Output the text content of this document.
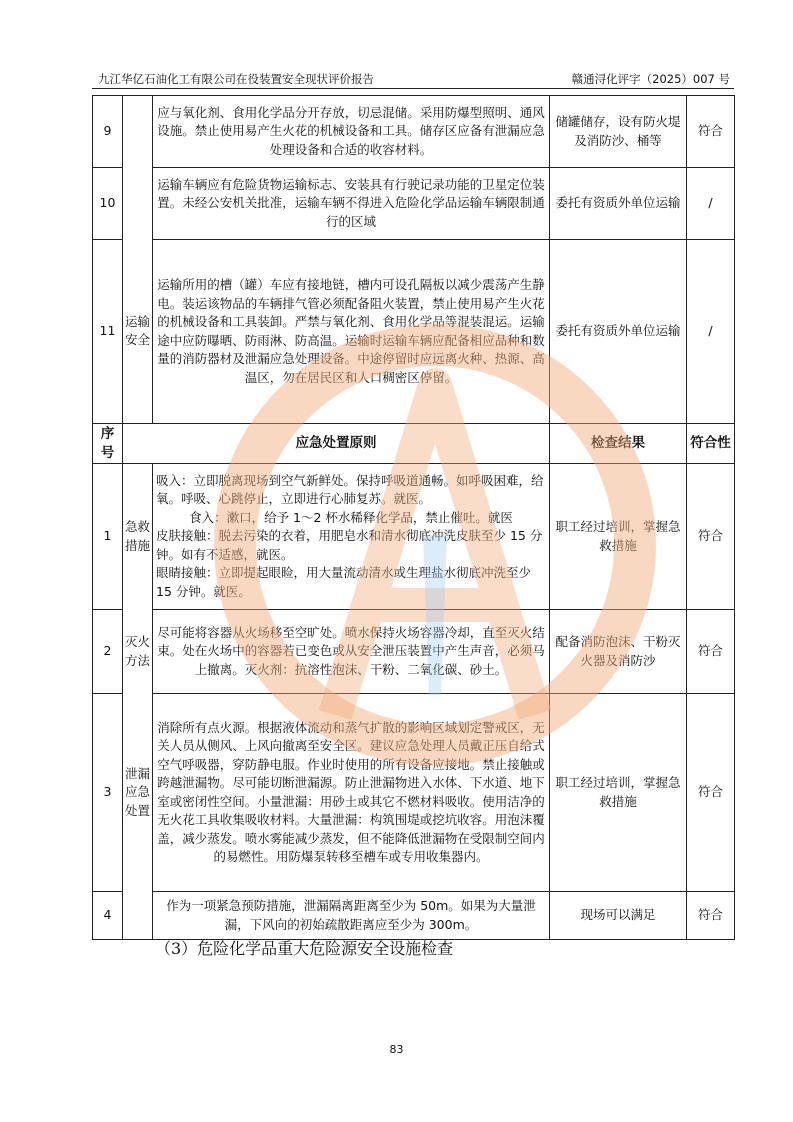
九江华亿石油化工有限公司在役装置安全现状评价报告	赣通浔化评字（2025）007 号
9		应与氧化剂、食用化学品分开存放，切忌混储。采用防爆型照明、通风设施。禁止使用易产生火花的机械设备和工具。储存区应备有泄漏应急处理设备和合适的收容材料。	储罐储存，设有防火堤及消防沙、桶等	符合
10		运输车辆应有危险货物运输标志、安装具有行驶记录功能的卫星定位装置。未经公安机关批准，运输车辆不得进入危险化学品运输车辆限制通行的区域	委托有资质外单位运输	/
11	运输安全	运输所用的槽（罐）车应有接地链，槽内可设孔隔板以减少震荡产生静电。装运该物品的车辆排气管必须配备阻火装置，禁止使用易产生火花的机械设备和工具装卸。严禁与氧化剂、食用化学品等混装混运。运输途中应防曝晒、防雨淋、防高温。运输时运输车辆应配备相应品种和数量的消防器材及泄漏应急处理设备。中途停留时应远离火种、热源、高温区，勿在居民区和人口稠密区停留。	委托有资质外单位运输	/
序号	应急处置原则		检查结果	符合性
1	急救措施	吸入：立即脱离现场到空气新鲜处。保持呼吸道通畅。如呼吸困难，给氧。呼吸、心跳停止，立即进行心肺复苏。就医。
食入：漱口，给予 1～2 杯水稀释化学品，禁止催吐。就医
皮肤接触：脱去污染的衣着，用肥皂水和清水彻底冲洗皮肤至少 15 分钟。如有不适感，就医。
眼睛接触：立即提起眼睑，用大量流动清水或生理盐水彻底冲洗至少 15 分钟。就医。	职工经过培训，掌握急救措施	符合
2	灭火方法	尽可能将容器从火场移至空旷处。喷水保持火场容器冷却，直至灭火结束。处在火场中的容器若已变色或从安全泄压装置中产生声音，必须马上撤离。灭火剂：抗溶性泡沫、干粉、二氧化碳、砂土。	配备消防泡沫、干粉灭火器及消防沙	符合
3	泄漏应急处置	消除所有点火源。根据液体流动和蒸气扩散的影响区域划定警戒区，无关人员从侧风、上风向撤离至安全区。建议应急处理人员戴正压自给式空气呼吸器，穿防静电服。作业时使用的所有设备应接地。禁止接触或跨越泄漏物。尽可能切断泄漏源。防止泄漏物进入水体、下水道、地下室或密闭性空间。小量泄漏：用砂土或其它不燃材料吸收。使用洁净的无火花工具收集吸收材料。大量泄漏：构筑围堤或挖坑收容。用泡沫覆盖，减少蒸发。喷水雾能减少蒸发，但不能降低泄漏物在受限制空间内的易燃性。用防爆泵转移至槽车或专用收集器内。	职工经过培训，掌握急救措施	符合
4		作为一项紧急预防措施，泄漏隔离距离至少为 50m。如果为大量泄漏，下风向的初始疏散距离应至少为 300m。	现场可以满足	符合
（3）危险化学品重大危险源安全设施检查
83
